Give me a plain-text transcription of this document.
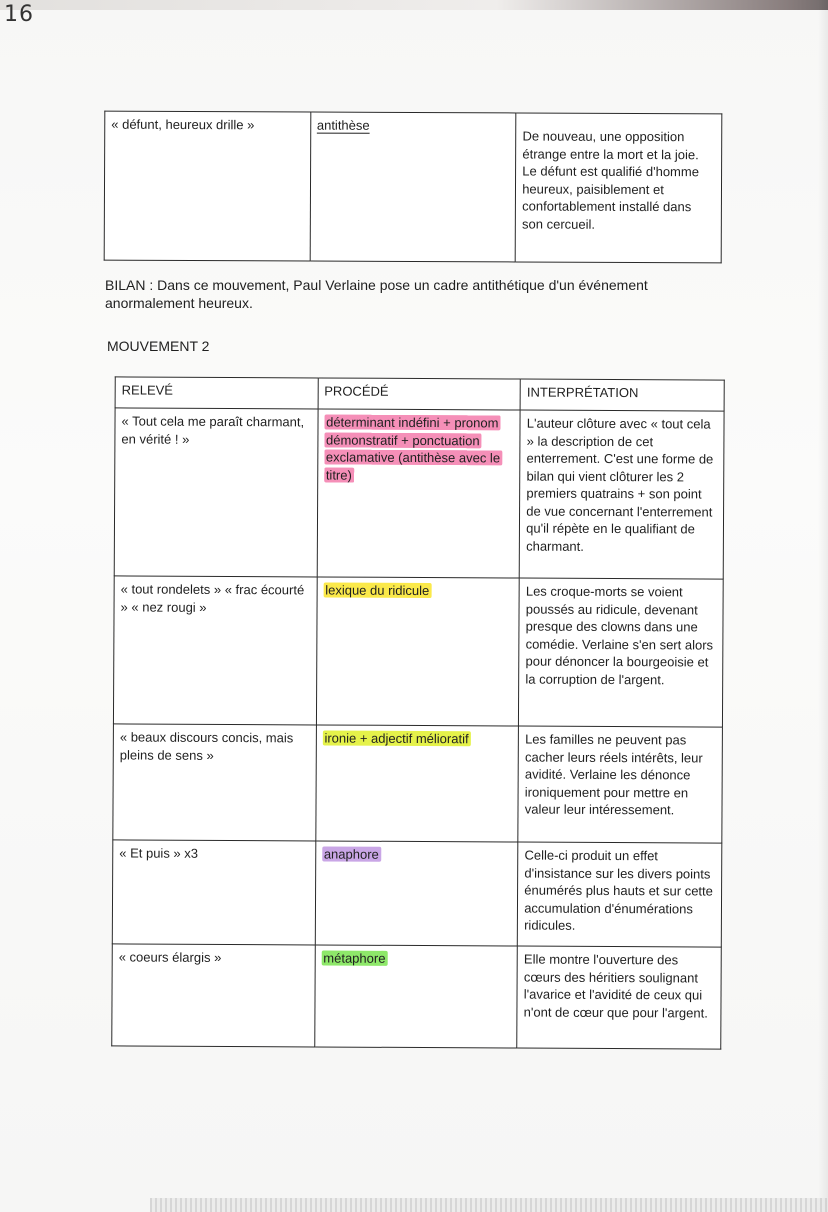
16
« défunt, heureux drille »	antithèse	De nouveau, une opposition étrange entre la mort et la joie. Le défunt est qualifié d'homme heureux, paisiblement et confortablement installé dans son cercueil.
BILAN : Dans ce mouvement, Paul Verlaine pose un cadre antithétique d'un événement anormalement heureux.
MOUVEMENT 2
RELEVÉ	PROCÉDÉ	INTERPRÉTATION
« Tout cela me paraît charmant, en vérité ! »	déterminant indéfini + pronom démonstratif + ponctuation exclamative (antithèse avec le titre)	L'auteur clôture avec « tout cela » la description de cet enterrement. C'est une forme de bilan qui vient clôturer les 2 premiers quatrains + son point de vue concernant l'enterrement qu'il répète en le qualifiant de charmant.
« tout rondelets » « frac écourté » « nez rougi »	lexique du ridicule	Les croque-morts se voient poussés au ridicule, devenant presque des clowns dans une comédie. Verlaine s'en sert alors pour dénoncer la bourgeoisie et la corruption de l'argent.
« beaux discours concis, mais pleins de sens »	ironie + adjectif mélioratif	Les familles ne peuvent pas cacher leurs réels intérêts, leur avidité. Verlaine les dénonce ironiquement pour mettre en valeur leur intéressement.
« Et puis » x3	anaphore	Celle-ci produit un effet d'insistance sur les divers points énumérés plus hauts et sur cette accumulation d'énumérations ridicules.
« coeurs élargis »	métaphore	Elle montre l'ouverture des cœurs des héritiers soulignant l'avarice et l'avidité de ceux qui n'ont de cœur que pour l'argent.
